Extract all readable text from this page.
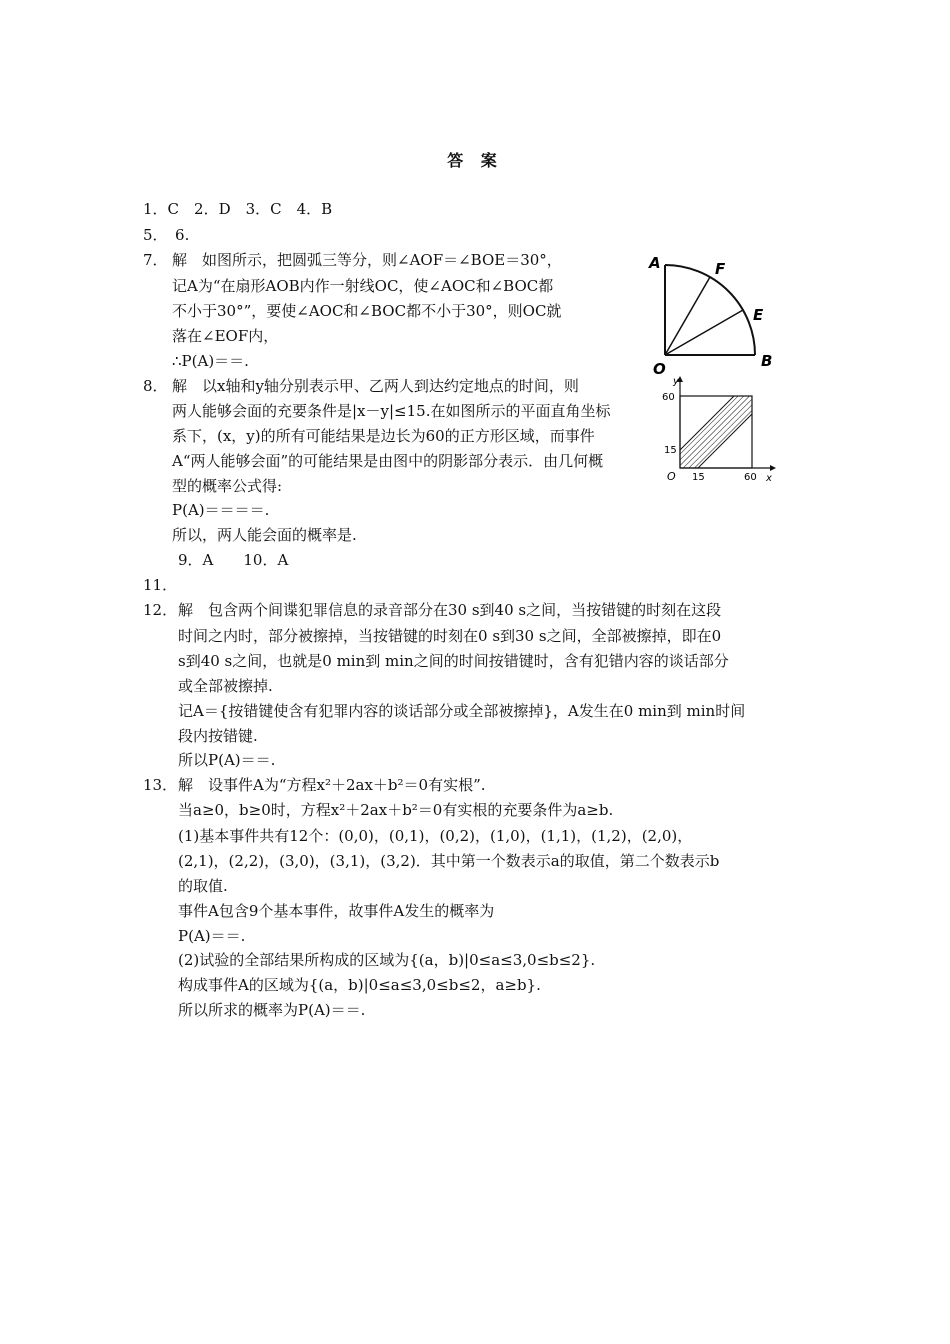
答 案
1．C　2．D　3．C　4．B
5．　6.
7． 解　如图所示，把圆弧三等分，则∠AOF＝∠BOE＝30°，
记A为“在扇形AOB内作一射线OC，使∠AOC和∠BOC都
不小于30°”，要使∠AOC和∠BOC都不小于30°，则OC就
落在∠EOF内，
∴P(A)＝＝.
A	F
E
O	B
8． 解　以x轴和y轴分别表示甲、乙两人到达约定地点的时间，则
两人能够会面的充要条件是|x－y|≤15.在如图所示的平面直角坐标
系下，(x，y)的所有可能结果是边长为60的正方形区域，而事件
A“两人能够会面”的可能结果是由图中的阴影部分表示．由几何概
型的概率公式得:
P(A)＝＝＝＝.
所以，两人能会面的概率是.
y
x
O
60
15
15	60
9．A　　10．A
11．
12． 解　包含两个间谍犯罪信息的录音部分在30 s到40 s之间，当按错键的时刻在这段
时间之内时，部分被擦掉，当按错键的时刻在0 s到30 s之间，全部被擦掉，即在0
s到40 s之间，也就是0 min到 min之间的时间按错键时，含有犯错内容的谈话部分
或全部被擦掉.
记A＝{按错键使含有犯罪内容的谈话部分或全部被擦掉}，A发生在0 min到 min时间
段内按错键.
所以P(A)＝＝.
13． 解　设事件A为“方程x²＋2ax＋b²＝0有实根”.
当a≥0，b≥0时，方程x²＋2ax＋b²＝0有实根的充要条件为a≥b.
(1)基本事件共有12个：(0,0)，(0,1)，(0,2)，(1,0)，(1,1)，(1,2)，(2,0)，
(2,1)，(2,2)，(3,0)，(3,1)，(3,2)．其中第一个数表示a的取值，第二个数表示b
的取值.
事件A包含9个基本事件，故事件A发生的概率为
P(A)＝＝.
(2)试验的全部结果所构成的区域为{(a，b)|0≤a≤3,0≤b≤2}.
构成事件A的区域为{(a，b)|0≤a≤3,0≤b≤2，a≥b}.
所以所求的概率为P(A)＝＝.
